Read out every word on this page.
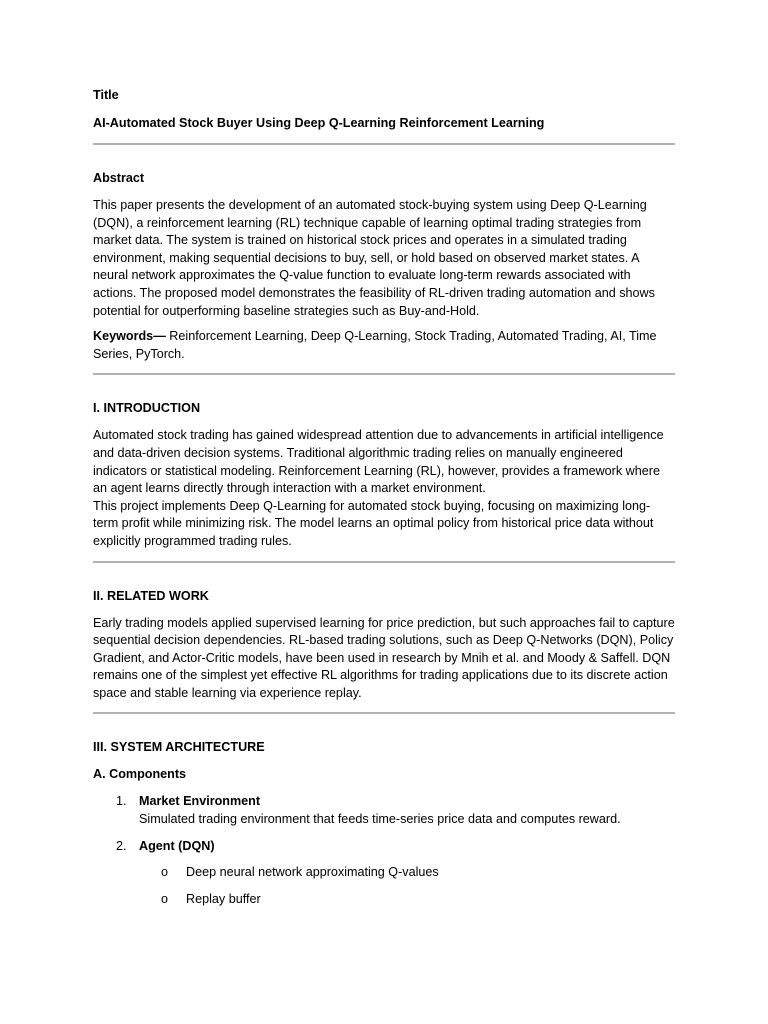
Title

AI-Automated Stock Buyer Using Deep Q-Learning Reinforcement Learning

Abstract

This paper presents the development of an automated stock-buying system using Deep Q-Learning (DQN), a reinforcement learning (RL) technique capable of learning optimal trading strategies from market data. The system is trained on historical stock prices and operates in a simulated trading environment, making sequential decisions to buy, sell, or hold based on observed market states. A neural network approximates the Q-value function to evaluate long-term rewards associated with actions. The proposed model demonstrates the feasibility of RL-driven trading automation and shows potential for outperforming baseline strategies such as Buy-and-Hold.

Keywords— Reinforcement Learning, Deep Q-Learning, Stock Trading, Automated Trading, AI, Time Series, PyTorch.

I. INTRODUCTION

Automated stock trading has gained widespread attention due to advancements in artificial intelligence and data-driven decision systems. Traditional algorithmic trading relies on manually engineered indicators or statistical modeling. Reinforcement Learning (RL), however, provides a framework where an agent learns directly through interaction with a market environment.
This project implements Deep Q-Learning for automated stock buying, focusing on maximizing long-term profit while minimizing risk. The model learns an optimal policy from historical price data without explicitly programmed trading rules.

II. RELATED WORK

Early trading models applied supervised learning for price prediction, but such approaches fail to capture sequential decision dependencies. RL-based trading solutions, such as Deep Q-Networks (DQN), Policy Gradient, and Actor-Critic models, have been used in research by Mnih et al. and Moody & Saffell. DQN remains one of the simplest yet effective RL algorithms for trading applications due to its discrete action space and stable learning via experience replay.

III. SYSTEM ARCHITECTURE

A. Components

1. Market Environment
Simulated trading environment that feeds time-series price data and computes reward.
2. Agent (DQN)
o Deep neural network approximating Q-values
o Replay buffer
